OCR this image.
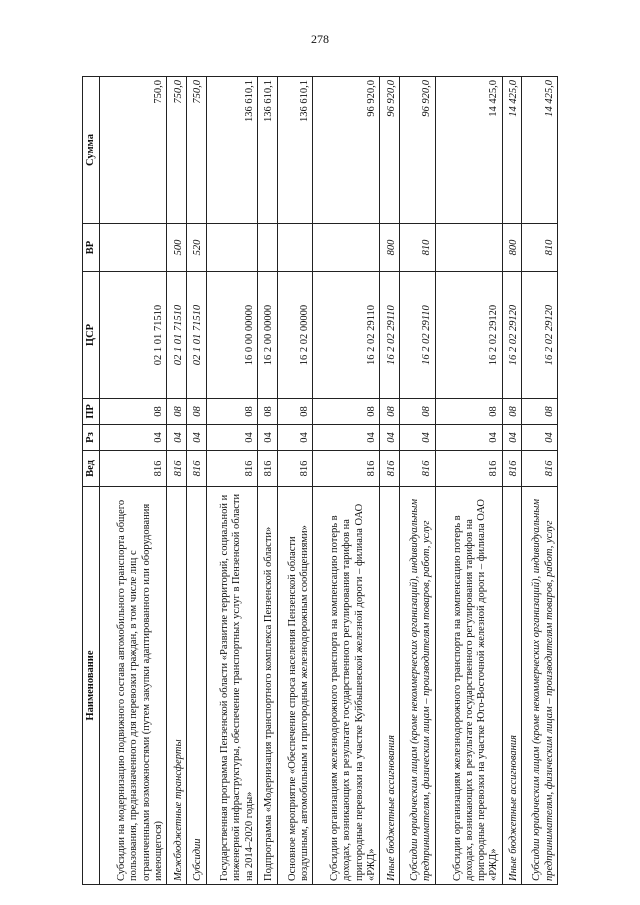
278
Наименование	Вед	Рз	ПР	ЦСР	ВР	Сумма
Субсидии на модернизацию подвижного состава автомобильного транспорта общего пользования, предназначенного для перевозки граждан, в том числе лиц с ограниченными возможностями (путем закупки адаптированного или оборудования имеющегося)	816	04	08	02 1 01 71510		750,0
Межбюджетные трансферты	816	04	08	02 1 01 71510	500	750,0
Субсидии	816	04	08	02 1 01 71510	520	750,0
Государственная программа Пензенской области «Развитие территорий, социальной и инженерной инфраструктуры, обеспечение транспортных услуг в Пензенской области на 2014–2020 годы»	816	04	08	16 0 00 00000		136 610,1
Подпрограмма «Модернизация транспортного комплекса Пензенской области»	816	04	08	16 2 00 00000		136 610,1
Основное мероприятие «Обеспечение спроса населения Пензенской области воздушным, автомобильным и пригородным железнодорожным сообщениями»	816	04	08	16 2 02 00000		136 610,1
Субсидии организациям железнодорожного транспорта на компенсацию потерь в доходах, возникающих в результате государственного регулирования тарифов на пригородные перевозки на участке Куйбышевской железной дороги – филиала ОАО «РЖД»	816	04	08	16 2 02 29110		96 920,0
Иные бюджетные ассигнования	816	04	08	16 2 02 29110	800	96 920,0
Субсидии юридическим лицам (кроме некоммерческих организаций), индивидуальным предпринимателям, физическим лицам – производителям товаров, работ, услуг	816	04	08	16 2 02 29110	810	96 920,0
Субсидии организациям железнодорожного транспорта на компенсацию потерь в доходах, возникающих в результате государственного регулирования тарифов на пригородные перевозки на участке Юго-Восточной железной дороги – филиала ОАО «РЖД»	816	04	08	16 2 02 29120		14 425,0
Иные бюджетные ассигнования	816	04	08	16 2 02 29120	800	14 425,0
Субсидии юридическим лицам (кроме некоммерческих организаций), индивидуальным предпринимателям, физическим лицам – производителям товаров, работ, услуг	816	04	08	16 2 02 29120	810	14 425,0
